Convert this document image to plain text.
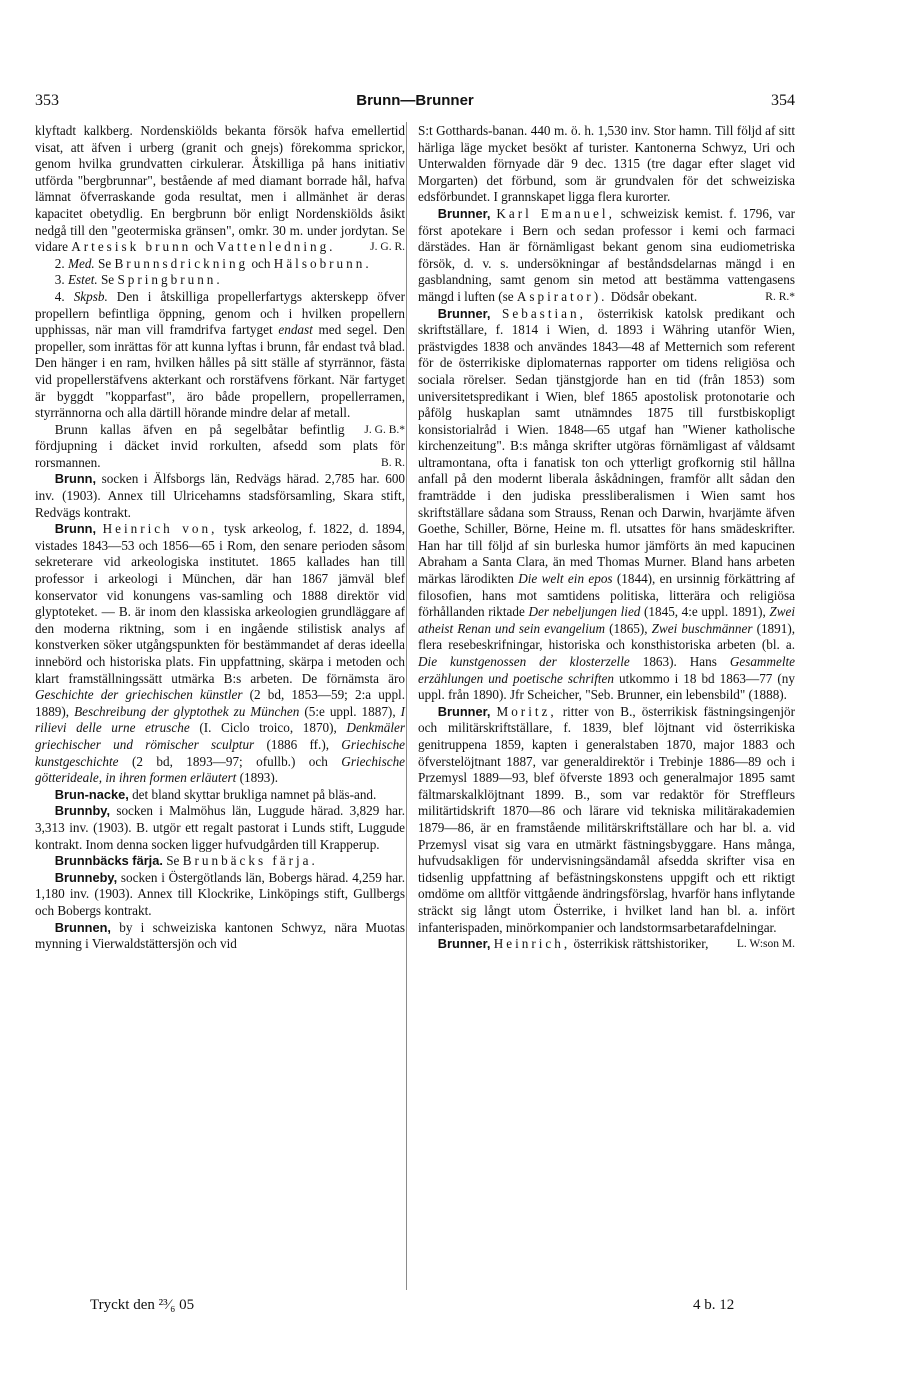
353	Brunn—Brunner	354

klyftadt kalkberg. Nordenskiölds bekanta försök hafva emellertid visat, att äfven i urberg (granit och gnejs) förekomma sprickor, genom hvilka grundvatten cirkulerar. Åtskilliga på hans initiativ utförda "bergbrunnar", bestående af med diamant borrade hål, hafva lämnat öfverraskande goda resultat, men i allmänhet är deras kapacitet obetydlig. En bergbrunn bör enligt Nordenskiölds åsikt nedgå till den "geotermiska gränsen", omkr. 30 m. under jordytan. Se vidare Artesisk brunn och Vattenledning.	J. G. R.

2. Med. Se Brunnsdrickning och Hälsobrunn.

3. Estet. Se Springbrunn.

4. Skpsb. Den i åtskilliga propellerfartygs akterskepp öfver propellern befintliga öppning, genom och i hvilken propellern upphissas, när man vill framdrifva fartyget endast med segel. Den propeller, som inrättas för att kunna lyftas i brunn, får endast två blad. Den hänger i en ram, hvilken hålles på sitt ställe af styrrännor, fästa vid propellerstäfvens akterkant och rorstäfvens förkant. När fartyget är byggdt "kopparfast", äro både propellern, propellerramen, styrrännorna och alla därtill hörande mindre delar af metall.
J. G. B.*

Brunn kallas äfven en på segelbåtar befintlig fördjupning i däcket invid rorkulten, afsedd som plats för rorsmannen.	B. R.

Brunn, socken i Älfsborgs län, Redvägs härad. 2,785 har. 600 inv. (1903). Annex till Ulricehamns stadsförsamling, Skara stift, Redvägs kontrakt.

Brunn, Heinrich von, tysk arkeolog, f. 1822, d. 1894, vistades 1843—53 och 1856—65 i Rom, den senare perioden såsom sekreterare vid arkeologiska institutet. 1865 kallades han till professor i arkeologi i München, där han 1867 jämväl blef konservator vid konungens vas-samling och 1888 direktör vid glyptoteket. — B. är inom den klassiska arkeologien grundläggare af den moderna riktning, som i en ingående stilistisk analys af konstverken söker utgångspunkten för bestämmandet af deras ideella innebörd och historiska plats. Fin uppfattning, skärpa i metoden och klart framställningssätt utmärka B:s arbeten. De förnämsta äro Geschichte der griechischen künstler (2 bd, 1853—59; 2:a uppl. 1889), Beschreibung der glyptothek zu München (5:e uppl. 1887), I rilievi delle urne etrusche (I. Ciclo troico, 1870), Denkmäler griechischer und römischer sculptur (1886 ff.), Griechische kunstgeschichte (2 bd, 1893—97; ofullb.) och Griechische götterideale, in ihren formen erläutert (1893).

Brun-nacke, det bland skyttar brukliga namnet på bläs-and.

Brunnby, socken i Malmöhus län, Luggude härad. 3,829 har. 3,313 inv. (1903). B. utgör ett regalt pastorat i Lunds stift, Luggude kontrakt. Inom denna socken ligger hufvudgården till Krapperup.

Brunnbäcks färja. Se Brunbäcks färja.

Brunneby, socken i Östergötlands län, Bobergs härad. 4,259 har. 1,180 inv. (1903). Annex till Klockrike, Linköpings stift, Gullbergs och Bobergs kontrakt.

Brunnen, by i schweiziska kantonen Schwyz, nära Muotas mynning i Vierwaldstättersjön och vid

S:t Gotthards-banan. 440 m. ö. h. 1,530 inv. Stor hamn. Till följd af sitt härliga läge mycket besökt af turister. Kantonerna Schwyz, Uri och Unterwalden förnyade där 9 dec. 1315 (tre dagar efter slaget vid Morgarten) det förbund, som är grundvalen för det schweiziska edsförbundet. I grannskapet ligga flera kurorter.

Brunner, Karl Emanuel, schweizisk kemist. f. 1796, var först apotekare i Bern och sedan professor i kemi och farmaci därstädes. Han är förnämligast bekant genom sina eudiometriska försök, d. v. s. undersökningar af beståndsdelarnas mängd i en gasblandning, samt genom sin metod att bestämma vattengasens mängd i luften (se Aspirator). Dödsår obekant.	R. R.*

Brunner, Sebastian, österrikisk katolsk predikant och skriftställare, f. 1814 i Wien, d. 1893 i Währing utanför Wien, prästvigdes 1838 och användes 1843—48 af Metternich som referent för de österrikiske diplomaternas rapporter om tidens religiösa och sociala rörelser. Sedan tjänstgjorde han en tid (från 1853) som universitetspredikant i Wien, blef 1865 apostolisk protonotarie och påfölg huskaplan samt utnämndes 1875 till furstbiskopligt konsistorialråd i Wien. 1848—65 utgaf han "Wiener katholische kirchenzeitung". B:s många skrifter utgöras förnämligast af våldsamt ultramontana, ofta i fanatisk ton och ytterligt grofkornig stil hållna anfall på den modernt liberala åskådningen, framför allt sådan den framträdde i den judiska pressliberalismen i Wien samt hos skriftställare sådana som Strauss, Renan och Darwin, hvarjämte äfven Goethe, Schiller, Börne, Heine m. fl. utsattes för hans smädeskrifter. Han har till följd af sin burleska humor jämförts än med kapucinen Abraham a Santa Clara, än med Thomas Murner. Bland hans arbeten märkas lärodikten Die welt ein epos (1844), en ursinnig förkättring af filosofien, hans mot samtidens politiska, litterära och religiösa förhållanden riktade Der nebeljungen lied (1845, 4:e uppl. 1891), Zwei atheist Renan und sein evangelium (1865), Zwei buschmänner (1891), flera resebeskrifningar, historiska och konsthistoriska arbeten (bl. a. Die kunstgenossen der klosterzelle 1863). Hans Gesammelte erzählungen und poetische schriften utkommo i 18 bd 1863—77 (ny uppl. från 1890). Jfr Scheicher, "Seb. Brunner, ein lebensbild" (1888).

Brunner, Moritz, ritter von B., österrikisk fästningsingenjör och militärskriftställare, f. 1839, blef löjtnant vid österrikiska genitruppena 1859, kapten i generalstaben 1870, major 1883 och öfverstelöjtnant 1887, var generaldirektör i Trebinje 1886—89 och i Przemysl 1889—93, blef öfverste 1893 och generalmajor 1895 samt fältmarskalklöjtnant 1899. B., som var redaktör för Streffleurs militärtidskrift 1870—86 och lärare vid tekniska militärakademien 1879—86, är en framstående militärskriftställare och har bl. a. vid Przemysl visat sig vara en utmärkt fästningsbyggare. Hans många, hufvudsakligen för undervisningsändamål afsedda skrifter visa en tidsenlig uppfattning af befästningskonstens uppgift och ett riktigt omdöme om alltför vittgående ändringsförslag, hvarför hans inflytande sträckt sig långt utom Österrike, i hvilket land han bl. a. infört infanterispaden, minörkompanier och landstormsarbetarafdelningar.
L. W:son M.

Brunner, Heinrich, österrikisk rättshistoriker,

Tryckt den ²³⁄₆ 05	4 b. 12
